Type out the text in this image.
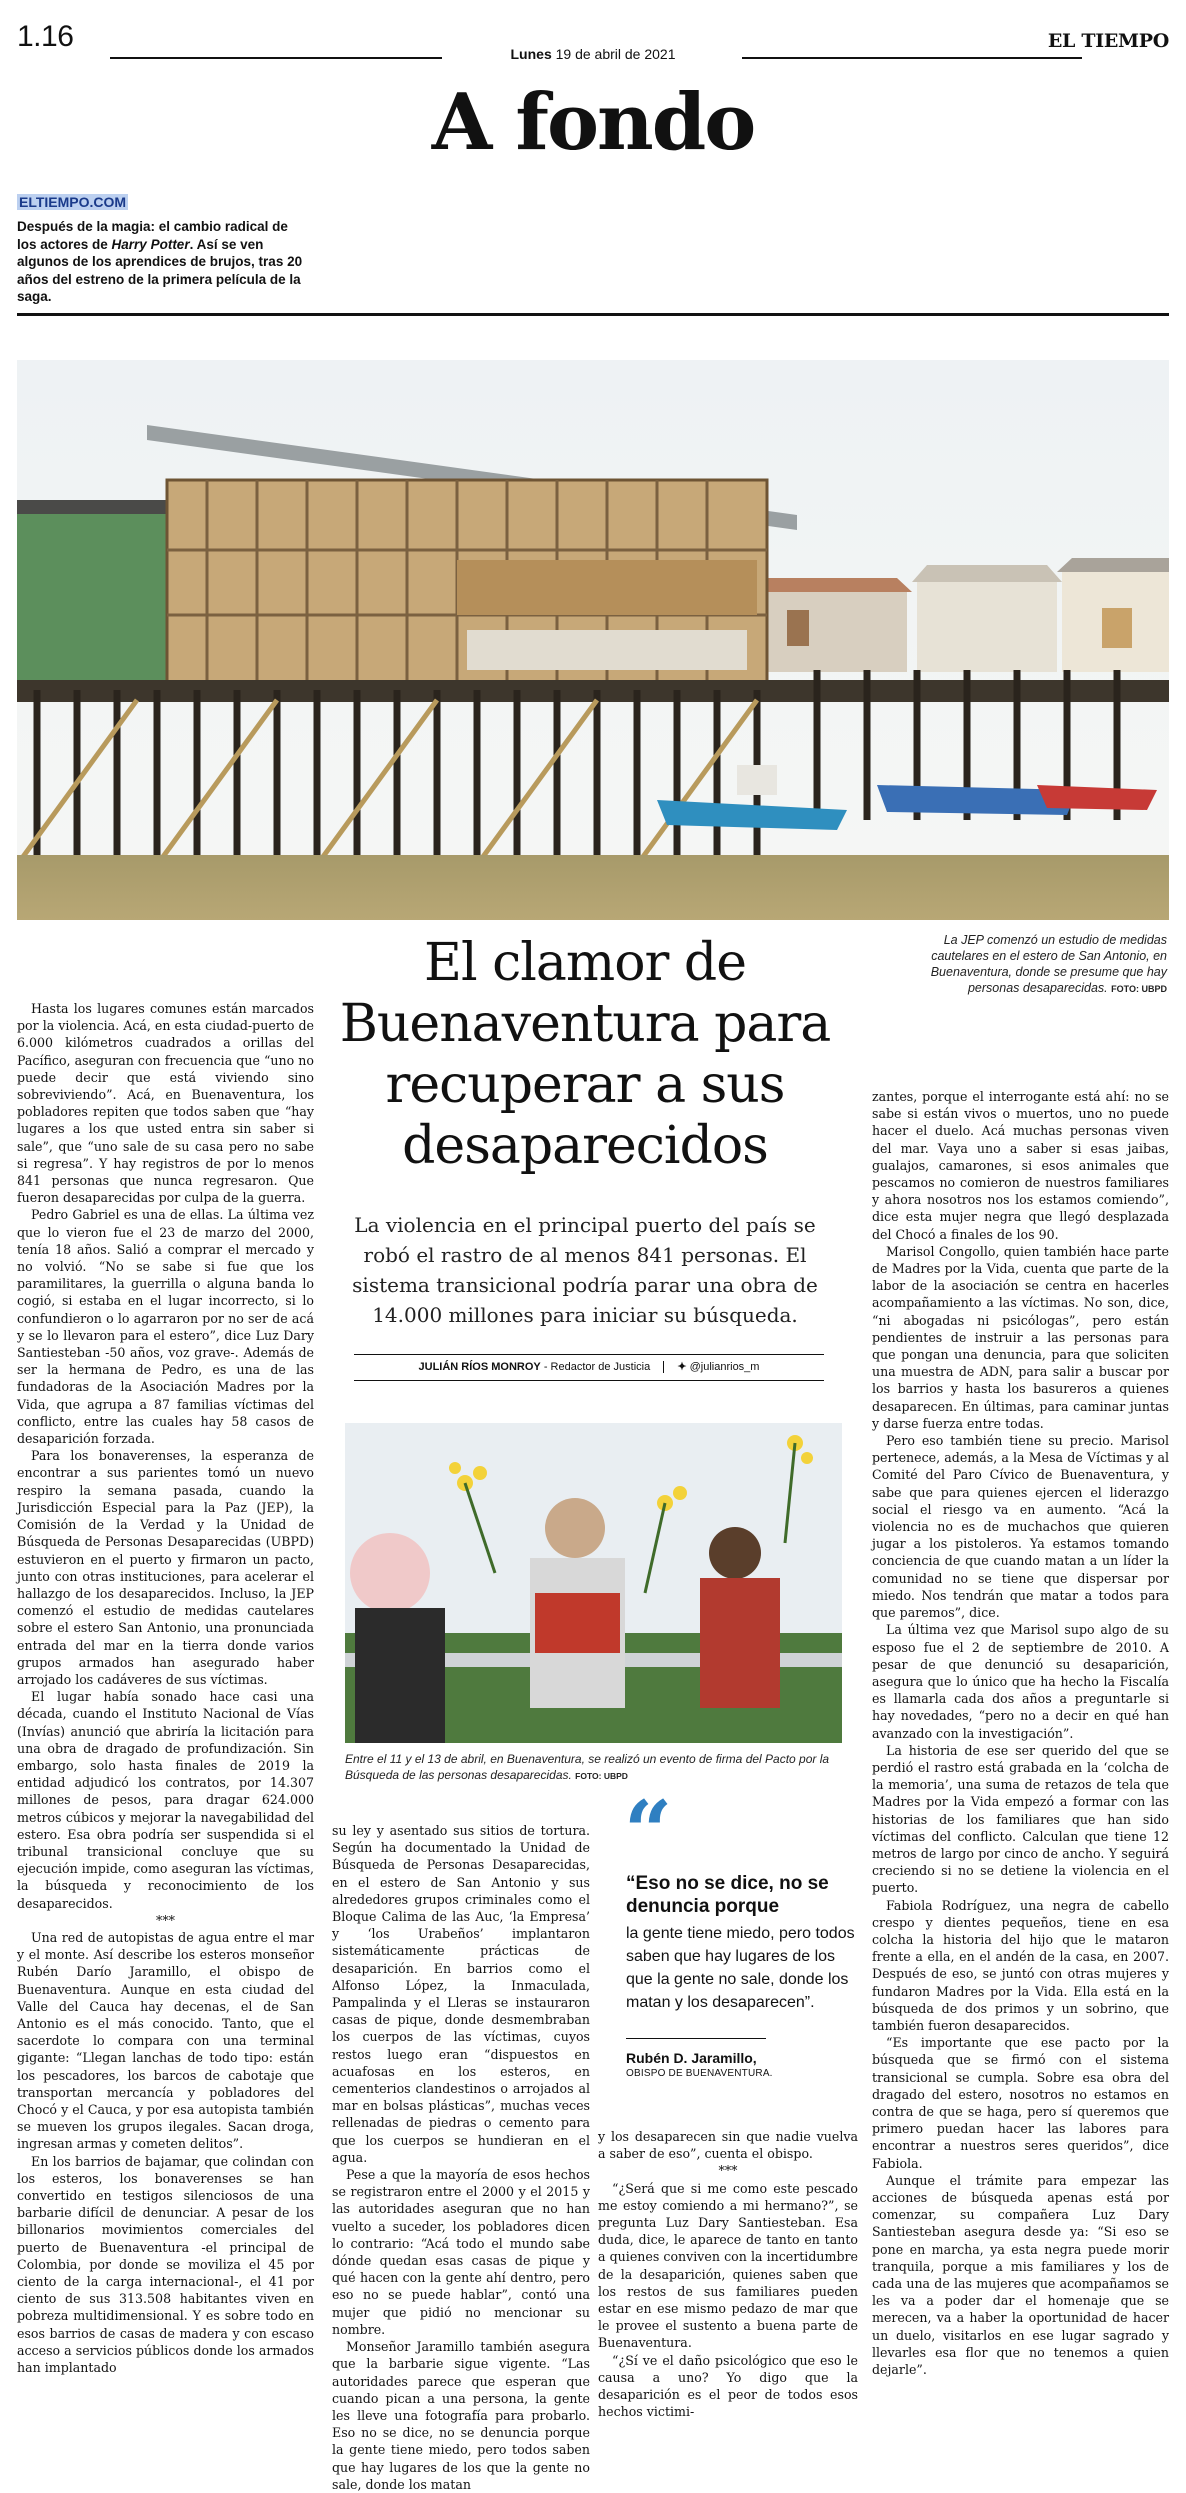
1.16
Lunes 19 de abril de 2021
EL TIEMPO
A fondo
ELTIEMPO.COM
Después de la magia: el cambio radical de los actores de Harry Potter. Así se ven algunos de los aprendices de brujos, tras 20 años del estreno de la primera película de la saga.
La JEP comenzó un estudio de medidas cautelares en el estero de San Antonio, en Buenaventura, donde se presume que hay personas desaparecidas. FOTO: UBPD
El clamor de Buenaventura para recuperar a sus desaparecidos
La violencia en el principal puerto del país se robó el rastro de al menos 841 personas. El sistema transicional podría parar una obra de 14.000 millones para iniciar su búsqueda.
JULIÁN RÍOS MONROY - Redactor de Justicia ✦ @julianrios_m
Entre el 11 y el 13 de abril, en Buenaventura, se realizó un evento de firma del Pacto por la Búsqueda de las personas desaparecidas. FOTO: UBPD
“
“Eso no se dice, no se denuncia porque
la gente tiene miedo, pero todos saben que hay lugares de los que la gente no sale, donde los matan y los desaparecen”.
Rubén D. Jaramillo,
OBISPO DE BUENAVENTURA.

Hasta los lugares comunes están marcados por la violencia. Acá, en esta ciudad-puerto de 6.000 kilómetros cuadrados a orillas del Pacífico, aseguran con frecuencia que “uno no puede decir que está viviendo sino sobreviviendo”. Acá, en Buenaventura, los pobladores repiten que todos saben que “hay lugares a los que usted entra sin saber si sale”, que “uno sale de su casa pero no sabe si regresa”. Y hay registros de por lo menos 841 personas que nunca regresaron. Que fueron desaparecidas por culpa de la guerra.

Pedro Gabriel es una de ellas. La última vez que lo vieron fue el 23 de marzo del 2000, tenía 18 años. Salió a comprar el mercado y no volvió. “No se sabe si fue que los paramilitares, la guerrilla o alguna banda lo cogió, si estaba en el lugar incorrecto, si lo confundieron o lo agarraron por no ser de acá y se lo llevaron para el estero”, dice Luz Dary Santiesteban -50 años, voz grave-. Además de ser la hermana de Pedro, es una de las fundadoras de la Asociación Madres por la Vida, que agrupa a 87 familias víctimas del conflicto, entre las cuales hay 58 casos de desaparición forzada.

Para los bonaverenses, la esperanza de encontrar a sus parientes tomó un nuevo respiro la semana pasada, cuando la Jurisdicción Especial para la Paz (JEP), la Comisión de la Verdad y la Unidad de Búsqueda de Personas Desaparecidas (UBPD) estuvieron en el puerto y firmaron un pacto, junto con otras instituciones, para acelerar el hallazgo de los desaparecidos. Incluso, la JEP comenzó el estudio de medidas cautelares sobre el estero San Antonio, una pronunciada entrada del mar en la tierra donde varios grupos armados han asegurado haber arrojado los cadáveres de sus víctimas.

El lugar había sonado hace casi una década, cuando el Instituto Nacional de Vías (Invías) anunció que abriría la licitación para una obra de dragado de profundización. Sin embargo, solo hasta finales de 2019 la entidad adjudicó los contratos, por 14.307 millones de pesos, para dragar 624.000 metros cúbicos y mejorar la navegabilidad del estero. Esa obra podría ser suspendida si el tribunal transicional concluye que su ejecución impide, como aseguran las víctimas, la búsqueda y reconocimiento de los desaparecidos.

***

Una red de autopistas de agua entre el mar y el monte. Así describe los esteros monseñor Rubén Darío Jaramillo, el obispo de Buenaventura. Aunque en esta ciudad del Valle del Cauca hay decenas, el de San Antonio es el más conocido. Tanto, que el sacerdote lo compara con una terminal gigante: “Llegan lanchas de todo tipo: están los pescadores, los barcos de cabotaje que transportan mercancía y pobladores del Chocó y el Cauca, y por esa autopista también se mueven los grupos ilegales. Sacan droga, ingresan armas y cometen delitos”.

En los barrios de bajamar, que colindan con los esteros, los bonaverenses se han convertido en testigos silenciosos de una barbarie difícil de denunciar. A pesar de los billonarios movimientos comerciales del puerto de Buenaventura -el principal de Colombia, por donde se moviliza el 45 por ciento de la carga internacional-, el 41 por ciento de sus 313.508 habitantes viven en pobreza multidimensional. Y es sobre todo en esos barrios de casas de madera y con escaso acceso a servicios públicos donde los armados han implantado

su ley y asentado sus sitios de tortura. Según ha documentado la Unidad de Búsqueda de Personas Desaparecidas, en el estero de San Antonio y sus alrededores grupos criminales como el Bloque Calima de las Auc, ‘la Empresa’ y ‘los Urabeños’ implantaron sistemáticamente prácticas de desaparición. En barrios como el Alfonso López, la Inmaculada, Pampalinda y el Lleras se instauraron casas de pique, donde desmembraban los cuerpos de las víctimas, cuyos restos luego eran “dispuestos en acuafosas en los esteros, en cementerios clandestinos o arrojados al mar en bolsas plásticas”, muchas veces rellenadas de piedras o cemento para que los cuerpos se hundieran en el agua.

Pese a que la mayoría de esos hechos se registraron entre el 2000 y el 2015 y las autoridades aseguran que no han vuelto a suceder, los pobladores dicen lo contrario: “Acá todo el mundo sabe dónde quedan esas casas de pique y qué hacen con la gente ahí dentro, pero eso no se puede hablar”, contó una mujer que pidió no mencionar su nombre.

Monseñor Jaramillo también asegura que la barbarie sigue vigente. “Las autoridades parece que esperan que cuando pican a una persona, la gente les lleve una fotografía para probarlo. Eso no se dice, no se denuncia porque la gente tiene miedo, pero todos saben que hay lugares de los que la gente no sale, donde los matan

y los desaparecen sin que nadie vuelva a saber de eso”, cuenta el obispo.

***

“¿Será que si me como este pescado me estoy comiendo a mi hermano?”, se pregunta Luz Dary Santiesteban. Esa duda, dice, le aparece de tanto en tanto a quienes conviven con la incertidumbre de la desaparición, quienes saben que los restos de sus familiares pueden estar en ese mismo pedazo de mar que le provee el sustento a buena parte de Buenaventura.

“¿Sí ve el daño psicológico que eso le causa a uno? Yo digo que la desaparición es el peor de todos esos hechos victimi-

zantes, porque el interrogante está ahí: no se sabe si están vivos o muertos, uno no puede hacer el duelo. Acá muchas personas viven del mar. Vaya uno a saber si esas jaibas, gualajos, camarones, si esos animales que pescamos no comieron de nuestros familiares y ahora nosotros nos los estamos comiendo”, dice esta mujer negra que llegó desplazada del Chocó a finales de los 90.

Marisol Congollo, quien también hace parte de Madres por la Vida, cuenta que parte de la labor de la asociación se centra en hacerles acompañamiento a las víctimas. No son, dice, “ni abogadas ni psicólogas”, pero están pendientes de instruir a las personas para que pongan una denuncia, para que soliciten una muestra de ADN, para salir a buscar por los barrios y hasta los basureros a quienes desaparecen. En últimas, para caminar juntas y darse fuerza entre todas.

Pero eso también tiene su precio. Marisol pertenece, además, a la Mesa de Víctimas y al Comité del Paro Cívico de Buenaventura, y sabe que para quienes ejercen el liderazgo social el riesgo va en aumento. “Acá la violencia no es de muchachos que quieren jugar a los pistoleros. Ya estamos tomando conciencia de que cuando matan a un líder la comunidad no se tiene que dispersar por miedo. Nos tendrán que matar a todos para que paremos”, dice.

La última vez que Marisol supo algo de su esposo fue el 2 de septiembre de 2010. A pesar de que denunció su desaparición, asegura que lo único que ha hecho la Fiscalía es llamarla cada dos años a preguntarle si hay novedades, “pero no a decir en qué han avanzado con la investigación”.

La historia de ese ser querido del que se perdió el rastro está grabada en la ‘colcha de la memoria’, una suma de retazos de tela que Madres por la Vida empezó a formar con las historias de los familiares que han sido víctimas del conflicto. Calculan que tiene 12 metros de largo por cinco de ancho. Y seguirá creciendo si no se detiene la violencia en el puerto.

Fabiola Rodríguez, una negra de cabello crespo y dientes pequeños, tiene en esa colcha la historia del hijo que le mataron frente a ella, en el andén de la casa, en 2007. Después de eso, se juntó con otras mujeres y fundaron Madres por la Vida. Ella está en la búsqueda de dos primos y un sobrino, que también fueron desaparecidos.

“Es importante que ese pacto por la búsqueda que se firmó con el sistema transicional se cumpla. Sobre esa obra del dragado del estero, nosotros no estamos en contra de que se haga, pero sí queremos que primero puedan hacer las labores para encontrar a nuestros seres queridos”, dice Fabiola.

Aunque el trámite para empezar las acciones de búsqueda apenas está por comenzar, su compañera Luz Dary Santiesteban asegura desde ya: “Si eso se pone en marcha, ya esta negra puede morir tranquila, porque a mis familiares y los de cada una de las mujeres que acompañamos se les va a poder dar el homenaje que se merecen, va a haber la oportunidad de hacer un duelo, visitarlos en ese lugar sagrado y llevarles esa flor que no tenemos a quien dejarle”.
